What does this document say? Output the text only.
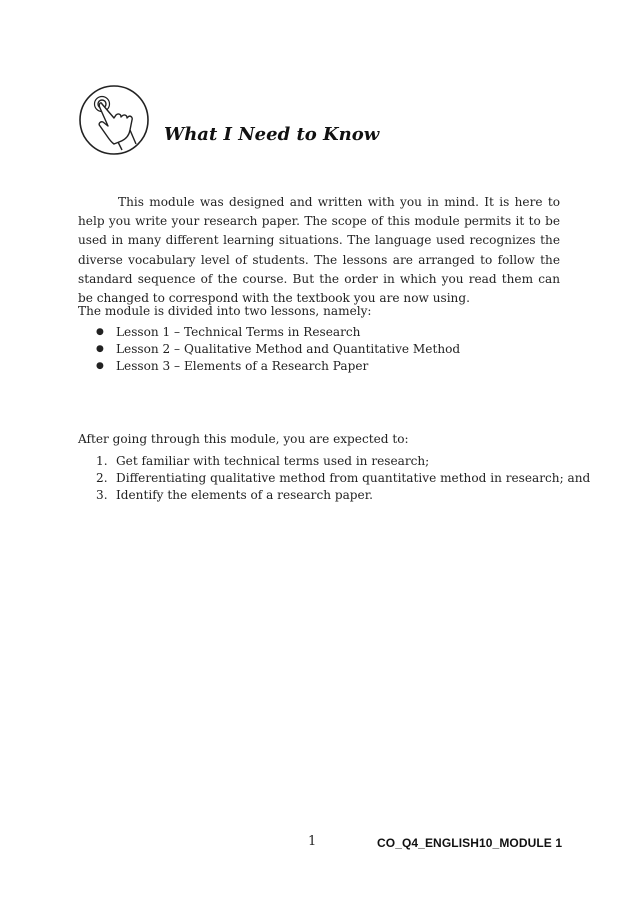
What I Need to Know

This module was designed and written with you in mind. It is here to help you write your research paper. The scope of this module permits it to be used in many different learning situations. The language used recognizes the diverse vocabulary level of students. The lessons are arranged to follow the standard sequence of the course. But the order in which you read them can be changed to correspond with the textbook you are now using.

The module is divided into two lessons, namely:

● Lesson 1 – Technical Terms in Research
● Lesson 2 – Qualitative Method and Quantitative Method
● Lesson 3 – Elements of a Research Paper

After going through this module, you are expected to:

1. Get familiar with technical terms used in research;
2. Differentiating qualitative method from quantitative method in research; and
3. Identify the elements of a research paper.
1	CO_Q4_ENGLISH10_MODULE 1
